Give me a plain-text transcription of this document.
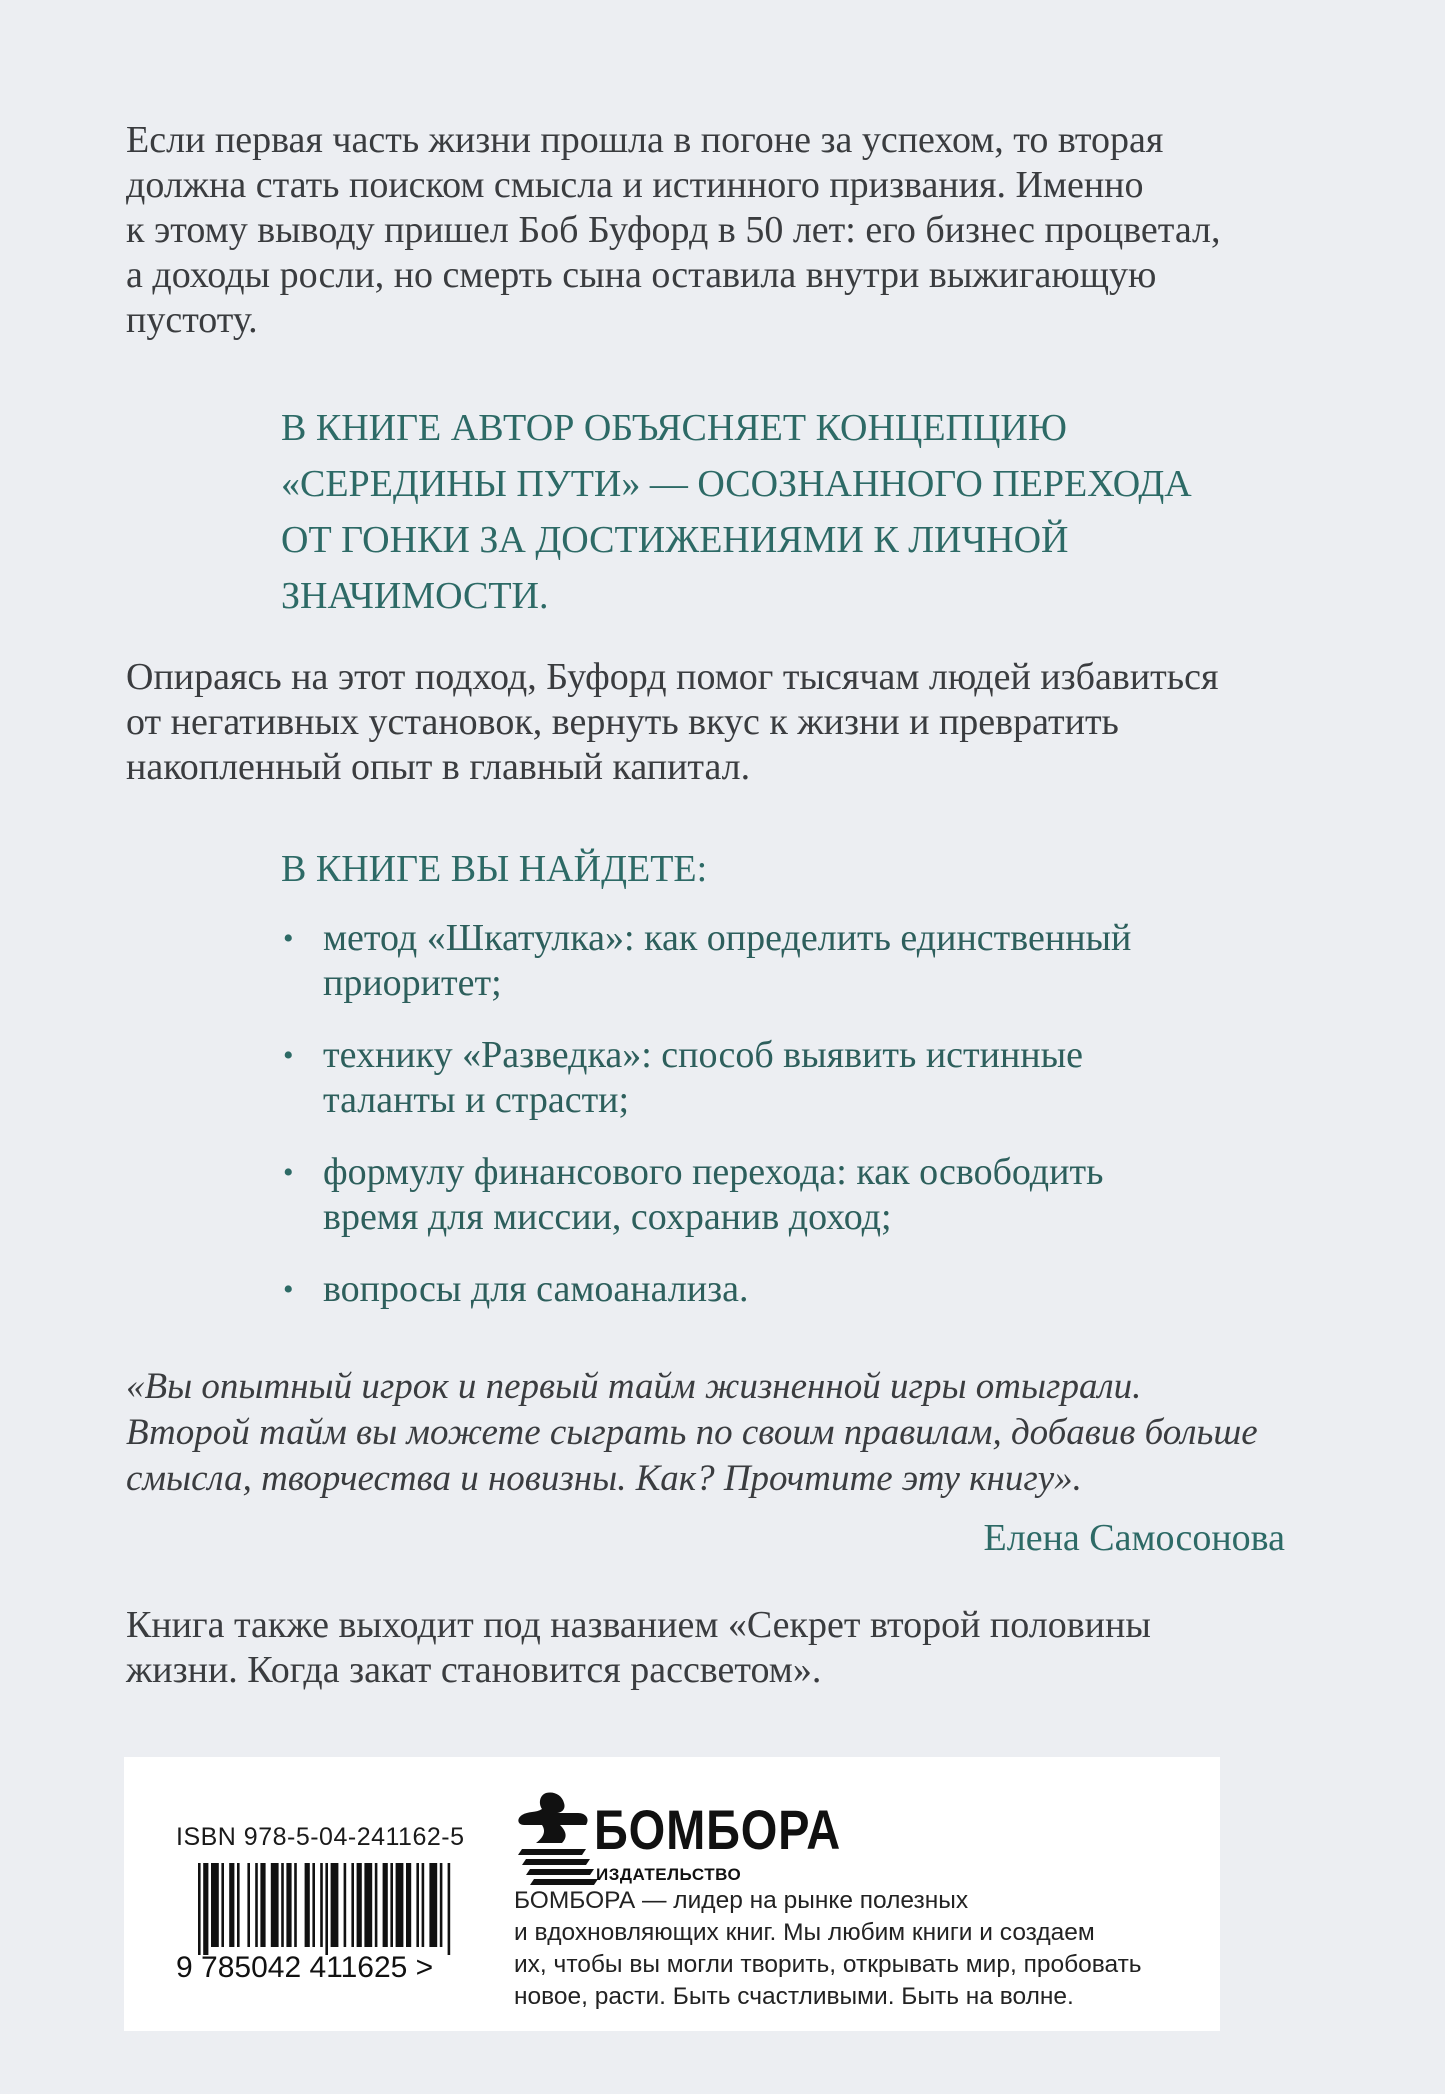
Если первая часть жизни прошла в погоне за успехом, то вторая
должна стать поиском смысла и истинного призвания. Именно
к этому выводу пришел Боб Буфорд в 50 лет: его бизнес процветал,
а доходы росли, но смерть сына оставила внутри выжигающую
пустоту.

В КНИГЕ АВТОР ОБЪЯСНЯЕТ КОНЦЕПЦИЮ
«СЕРЕДИНЫ ПУТИ» — ОСОЗНАННОГО ПЕРЕХОДА
ОТ ГОНКИ ЗА ДОСТИЖЕНИЯМИ К ЛИЧНОЙ
ЗНАЧИМОСТИ.

Опираясь на этот подход, Буфорд помог тысячам людей избавиться
от негативных установок, вернуть вкус к жизни и превратить
накопленный опыт в главный капитал.

В КНИГЕ ВЫ НАЙДЕТЕ:
• метод «Шкатулка»: как определить единственный
приоритет;
• технику «Разведка»: способ выявить истинные
таланты и страсти;
• формулу финансового перехода: как освободить
время для миссии, сохранив доход;
• вопросы для самоанализа.

«Вы опытный игрок и первый тайм жизненной игры отыграли.
Второй тайм вы можете сыграть по своим правилам, добавив больше
смысла, творчества и новизны. Как? Прочтите эту книгу».

Елена Самосонова

Книга также выходит под названием «Секрет второй половины
жизни. Когда закат становится рассветом».

ISBN 978-5-04-241162-5

9 785042 411625 >

БОМБОРА

ИЗДАТЕЛЬСТВО

БОМБОРА — лидер на рынке полезных
и вдохновляющих книг. Мы любим книги и создаем
их, чтобы вы могли творить, открывать мир, пробовать
новое, расти. Быть счастливыми. Быть на волне.
